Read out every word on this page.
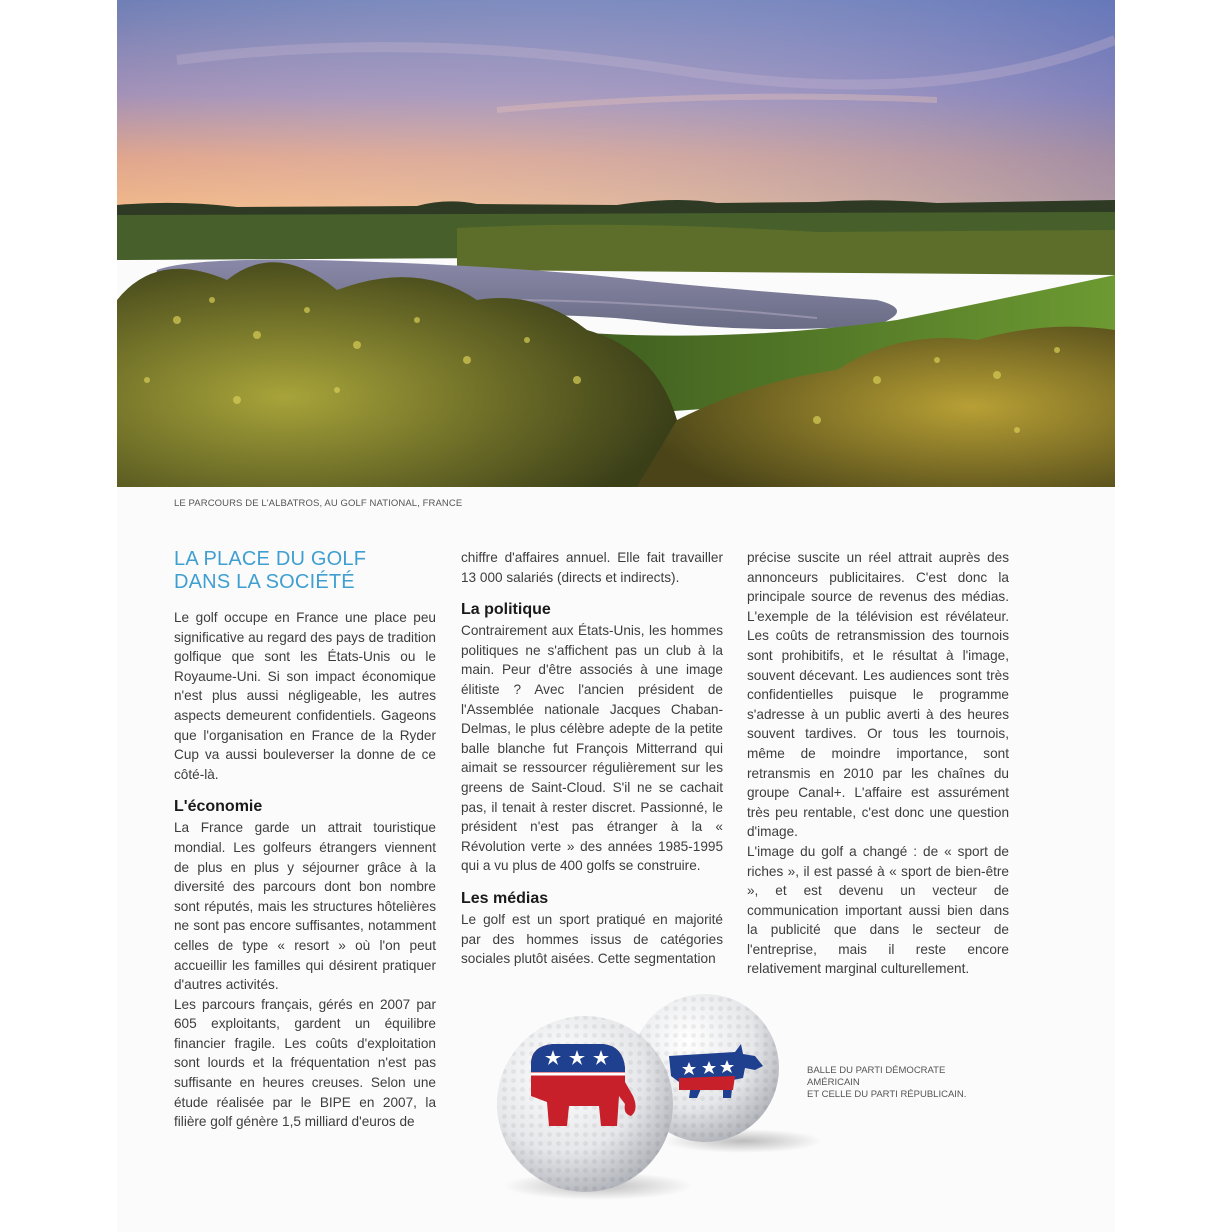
LE PARCOURS DE L'ALBATROS, AU GOLF NATIONAL, FRANCE
LA PLACE DU GOLF
DANS LA SOCIÉTÉ

Le golf occupe en France une place peu significative au regard des pays de tradition golfique que sont les États-Unis ou le Royaume-Uni. Si son impact économique n'est plus aussi négligeable, les autres aspects demeurent confidentiels. Gageons que l'organisation en France de la Ryder Cup va aussi bouleverser la donne de ce côté-là.

L'économie

La France garde un attrait touristique mondial. Les golfeurs étrangers viennent de plus en plus y séjourner grâce à la diversité des parcours dont bon nombre sont réputés, mais les structures hôtelières ne sont pas encore suffisantes, notamment celles de type « resort » où l'on peut accueillir les familles qui désirent pratiquer d'autres activités.

Les parcours français, gérés en 2007 par 605 exploitants, gardent un équilibre financier fragile. Les coûts d'exploitation sont lourds et la fréquentation n'est pas suffisante en heures creuses. Selon une étude réalisée par le BIPE en 2007, la filière golf génère 1,5 milliard d'euros de

chiffre d'affaires annuel. Elle fait travailler 13 000 salariés (directs et indirects).

La politique

Contrairement aux États-Unis, les hommes politiques ne s'affichent pas un club à la main. Peur d'être associés à une image élitiste ? Avec l'ancien président de l'Assemblée nationale Jacques Chaban-Delmas, le plus célèbre adepte de la petite balle blanche fut François Mitterrand qui aimait se ressourcer régulièrement sur les greens de Saint-Cloud. S'il ne se cachait pas, il tenait à rester discret. Passionné, le président n'est pas étranger à la « Révolution verte » des années 1985-1995 qui a vu plus de 400 golfs se construire.

Les médias

Le golf est un sport pratiqué en majorité par des hommes issus de catégories sociales plutôt aisées. Cette segmentation

précise suscite un réel attrait auprès des annonceurs publicitaires. C'est donc la principale source de revenus des médias. L'exemple de la télévision est révélateur. Les coûts de retransmission des tournois sont prohibitifs, et le résultat à l'image, souvent décevant. Les audiences sont très confidentielles puisque le programme s'adresse à un public averti à des heures souvent tardives. Or tous les tournois, même de moindre importance, sont retransmis en 2010 par les chaînes du groupe Canal+. L'affaire est assurément très peu rentable, c'est donc une question d'image.

L'image du golf a changé : de « sport de riches », il est passé à « sport de bien-être », et est devenu un vecteur de communication important aussi bien dans la publicité que dans le secteur de l'entreprise, mais il reste encore relativement marginal culturellement.

BALLE DU PARTI DÉMOCRATE AMÉRICAIN
ET CELLE DU PARTI RÉPUBLICAIN.
